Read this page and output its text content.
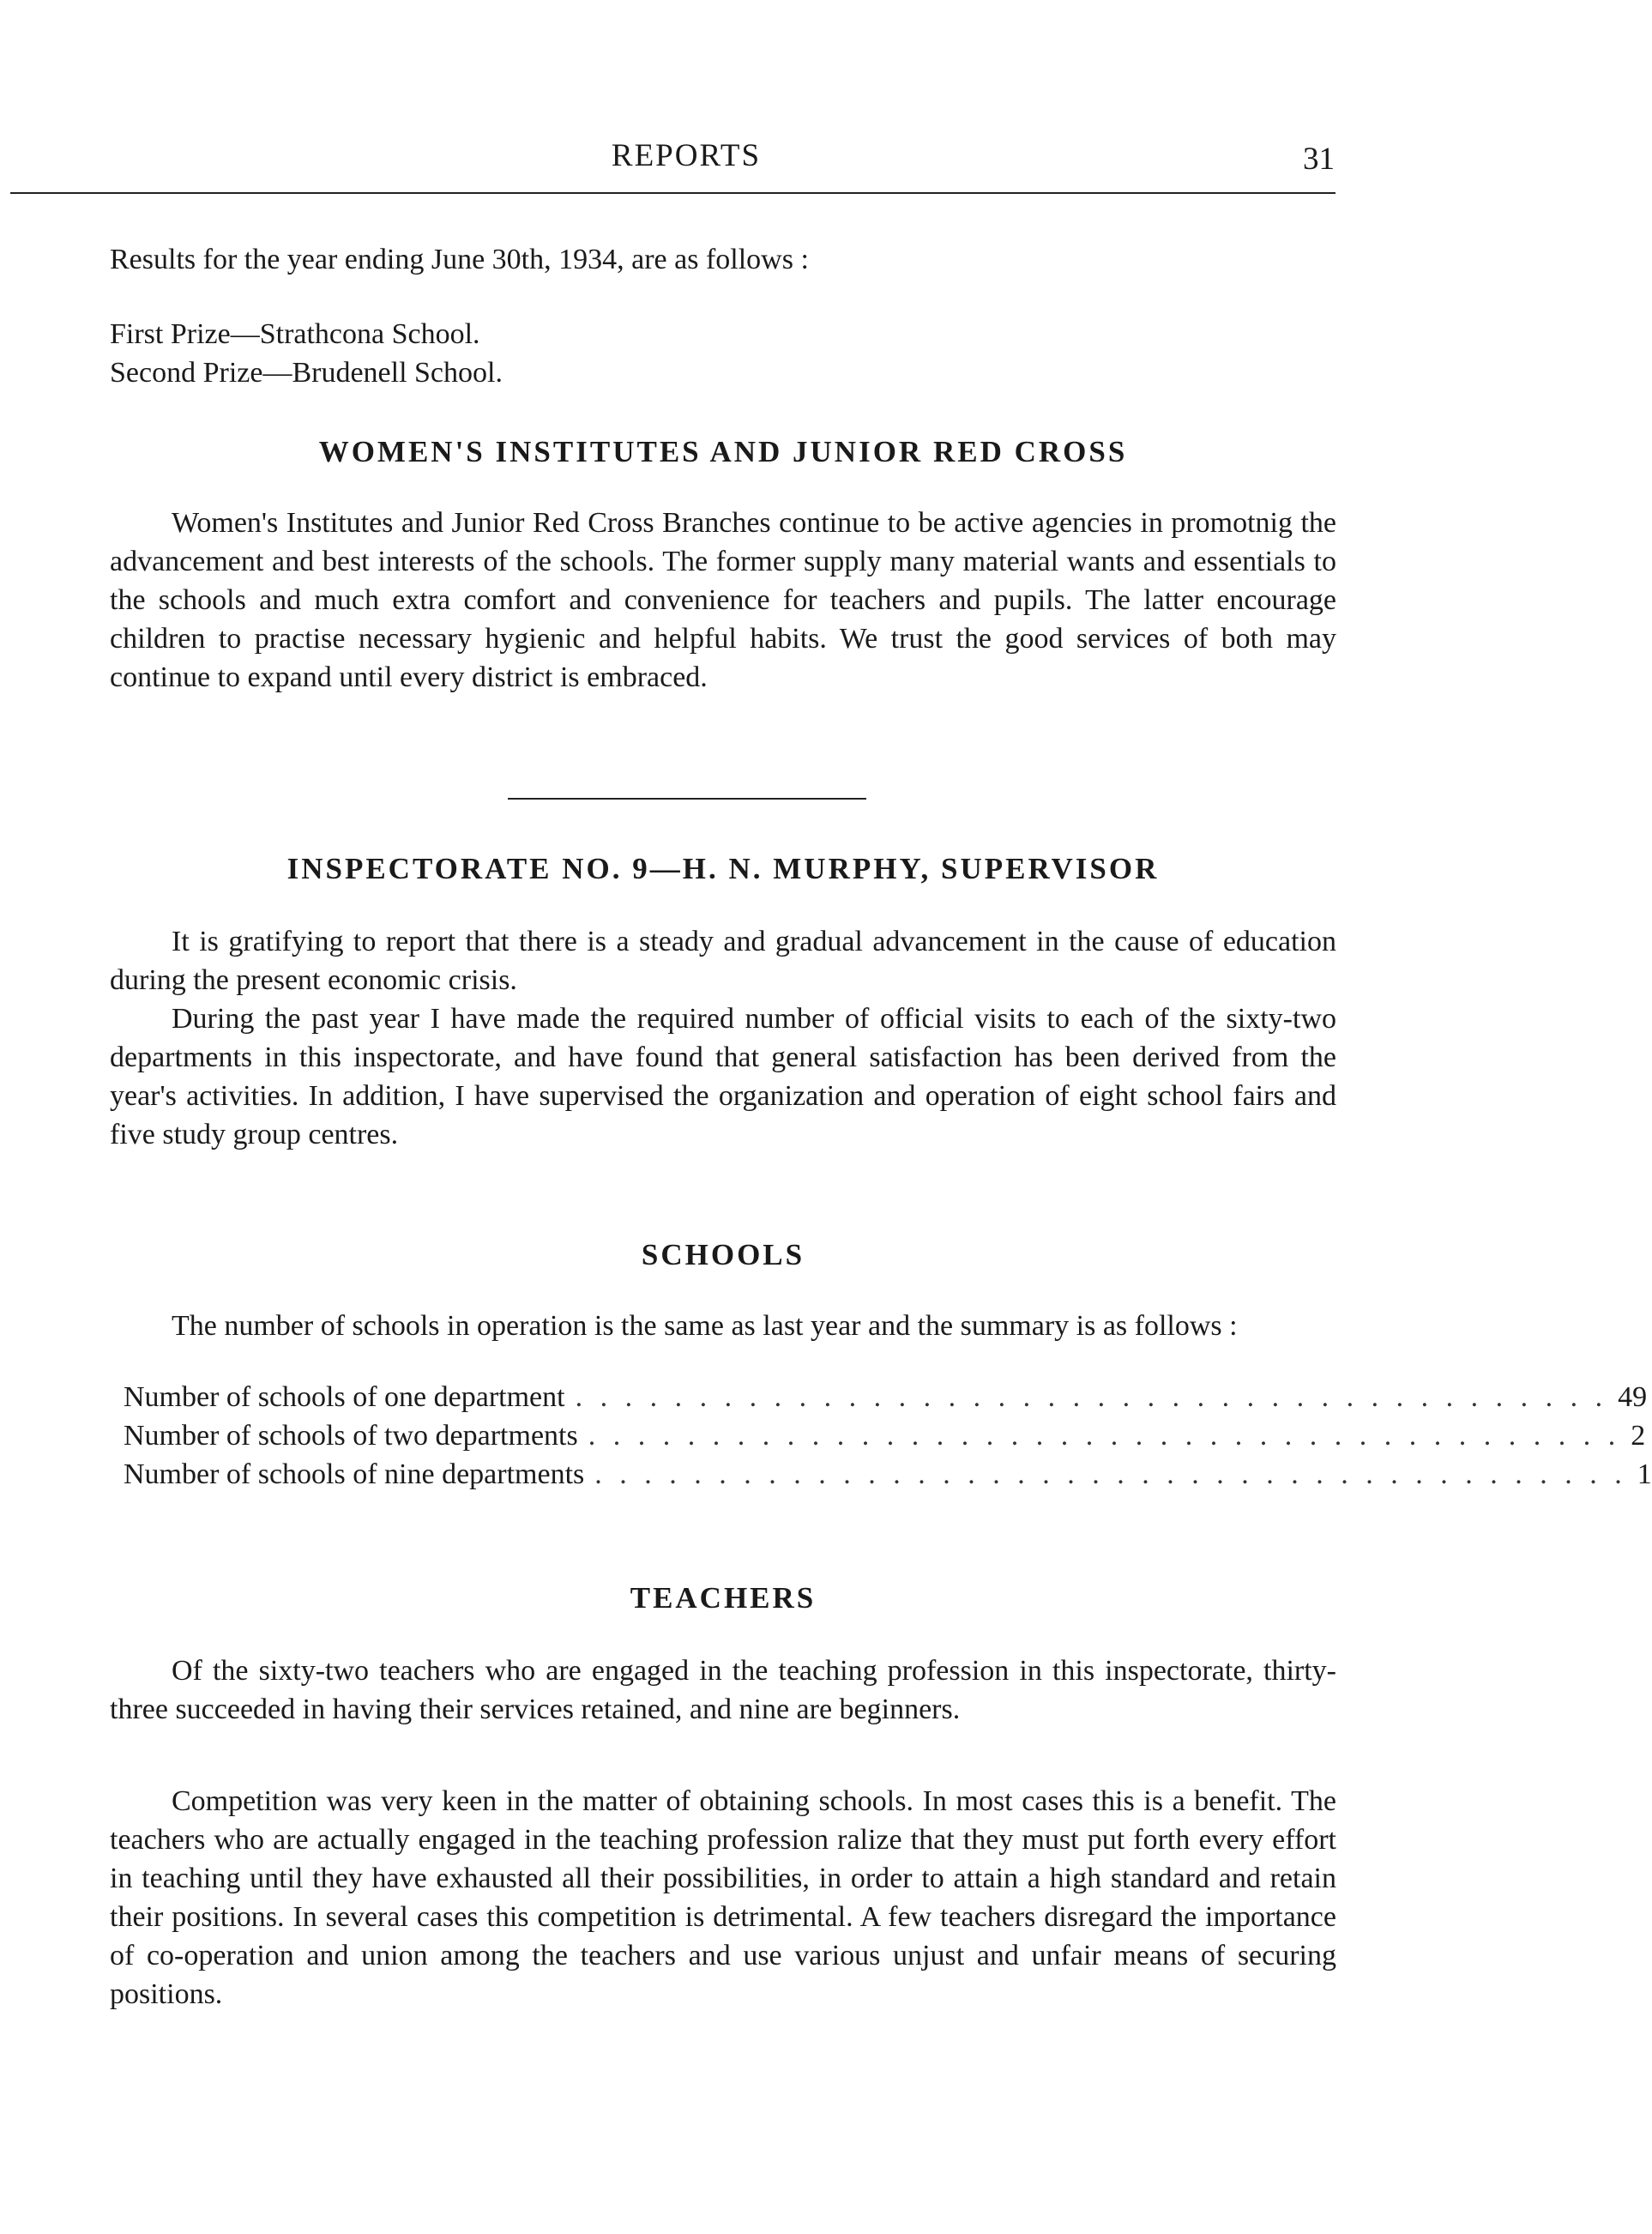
REPORTS	31

Results for the year ending June 30th, 1934, are as follows :

First Prize—Strathcona School.

Second Prize—Brudenell School.

WOMEN'S INSTITUTES AND JUNIOR RED CROSS

Women's Institutes and Junior Red Cross Branches continue to be active agencies in promotnig the advancement and best interests of the schools. The former supply many material wants and essentials to the schools and much extra comfort and convenience for teachers and pupils. The latter encourage children to practise necessary hygienic and helpful habits. We trust the good services of both may continue to expand until every district is embraced.

INSPECTORATE NO. 9—H. N. MURPHY, SUPERVISOR

It is gratifying to report that there is a steady and gradual advancement in the cause of education during the present economic crisis.

During the past year I have made the required number of official visits to each of the sixty-two departments in this inspectorate, and have found that general satisfaction has been derived from the year's activities. In addition, I have supervised the organization and operation of eight school fairs and five study group centres.

SCHOOLS

The number of schools in operation is the same as last year and the summary is as follows :

Number of schools of one department . . . . . . . . . . . . . . . . . . . . . . . . . . . . . . . . . . . . . . . . . . 49
Number of schools of two departments . . . . . . . . . . . . . . . . . . . . . . . . . . . . . . . . . . . . . . . . . . 2
Number of schools of nine departments . . . . . . . . . . . . . . . . . . . . . . . . . . . . . . . . . . . . . . . . . . 1
TEACHERS

Of the sixty-two teachers who are engaged in the teaching profession in this inspectorate, thirty-three succeeded in having their services retained, and nine are beginners.

Competition was very keen in the matter of obtaining schools. In most cases this is a benefit. The teachers who are actually engaged in the teaching profession ralize that they must put forth every effort in teaching until they have exhausted all their possibilities, in order to attain a high standard and retain their positions. In several cases this competition is detrimental. A few teachers disregard the importance of co-operation and union among the teachers and use various unjust and unfair means of securing positions.
